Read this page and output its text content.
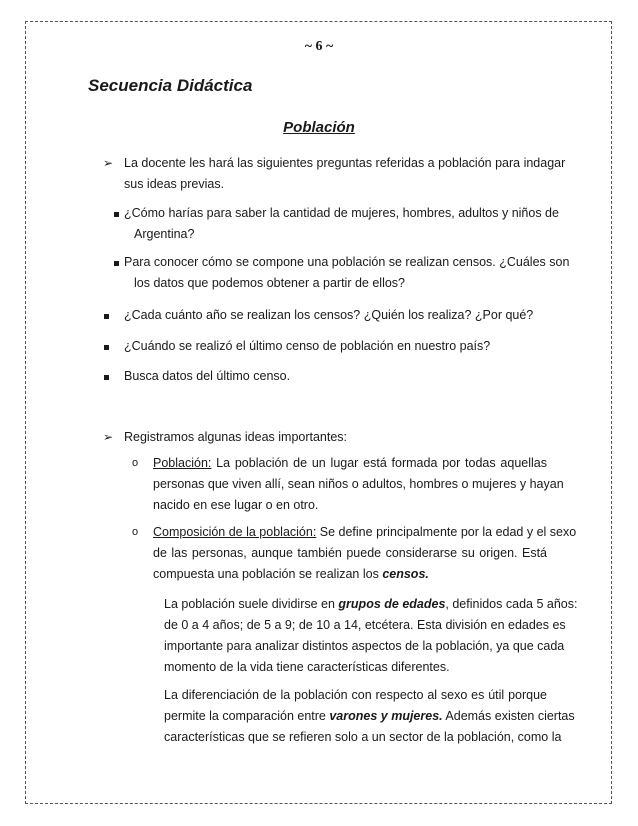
~ 6 ~
Secuencia Didáctica
Población
➢ La docente les hará las siguientes preguntas referidas a población para indagar
sus ideas previas.
¿Cómo harías para saber la cantidad de mujeres, hombres, adultos y niños de
Argentina?
Para conocer cómo se compone una población se realizan censos. ¿Cuáles son
los datos que podemos obtener a partir de ellos?
¿Cada cuánto año se realizan los censos? ¿Quién los realiza? ¿Por qué?
¿Cuándo se realizó el último censo de población en nuestro país?
Busca datos del último censo.
➢ Registramos algunas ideas importantes:
o Población: La población de un lugar está formada por todas aquellas
personas que viven allí, sean niños o adultos, hombres o mujeres y hayan
nacido en ese lugar o en otro.
o Composición de la población: Se define principalmente por la edad y el sexo
de las personas, aunque también puede considerarse su origen. Está
compuesta una población se realizan los censos.
La población suele dividirse en grupos de edades, definidos cada 5 años:
de 0 a 4 años; de 5 a 9; de 10 a 14, etcétera. Esta división en edades es
importante para analizar distintos aspectos de la población, ya que cada
momento de la vida tiene características diferentes.
La diferenciación de la población con respecto al sexo es útil porque
permite la comparación entre varones y mujeres. Además existen ciertas
características que se refieren solo a un sector de la población, como la
